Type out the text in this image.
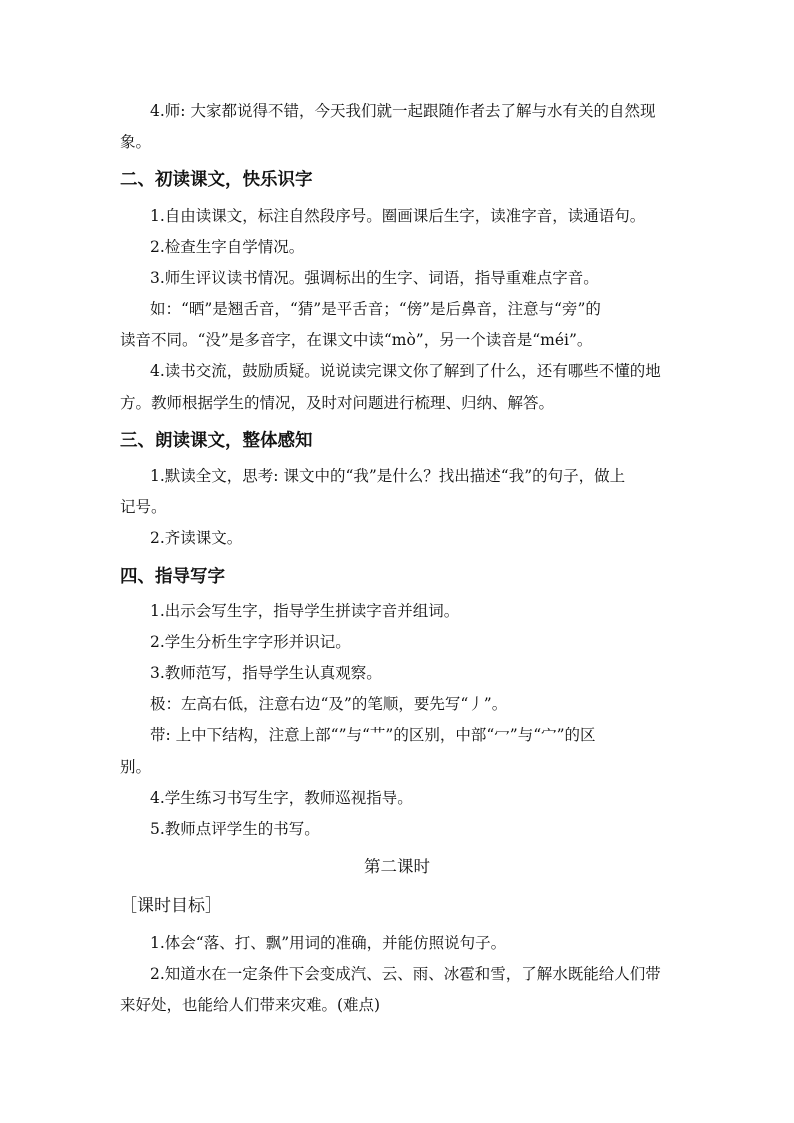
4.师: 大家都说得不错，今天我们就一起跟随作者去了解与水有关的自然现
象。
二、初读课文，快乐识字
1.自由读课文，标注自然段序号。圈画课后生字，读准字音，读通语句。
2.检查生字自学情况。
3.师生评议读书情况。强调标出的生字、词语，指导重难点字音。
如：“晒”是翘舌音，“猜”是平舌音；“傍”是后鼻音，注意与“旁”的
读音不同。“没”是多音字，在课文中读“mò”，另一个读音是“méi”。
4.读书交流，鼓励质疑。说说读完课文你了解到了什么，还有哪些不懂的地
方。教师根据学生的情况，及时对问题进行梳理、归纳、解答。
三、朗读课文，整体感知
1.默读全文，思考: 课文中的“我”是什么？找出描述“我”的句子，做上
记号。
2.齐读课文。
四、指导写字
1.出示会写生字，指导学生拼读字音并组词。
2.学生分析生字字形并识记。
3.教师范写，指导学生认真观察。
极：左高右低，注意右边“及”的笔顺，要先写“丿”。
带: 上中下结构，注意上部“”与“艹”的区别，中部“冖”与“宀”的区
别。
4.学生练习书写生字，教师巡视指导。
5.教师点评学生的书写。
第二课时
［课时目标］
1.体会“落、打、飘”用词的准确，并能仿照说句子。
2.知道水在一定条件下会变成汽、云、雨、冰雹和雪，了解水既能给人们带
来好处，也能给人们带来灾难。(难点)
